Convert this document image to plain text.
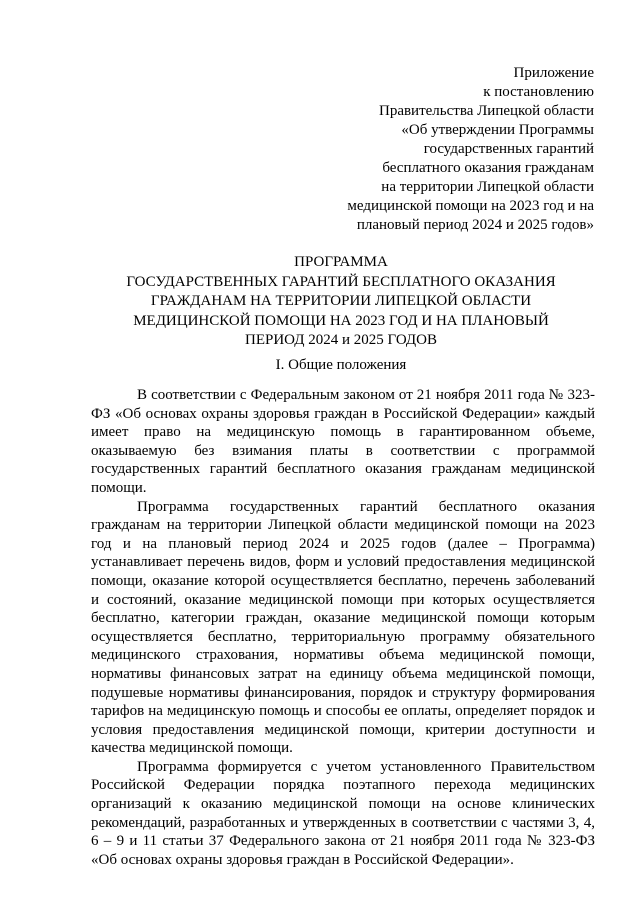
Приложение
к постановлению
Правительства Липецкой области
«Об утверждении Программы
государственных гарантий
бесплатного оказания гражданам
на территории Липецкой области
медицинской помощи на 2023 год и на
плановый период 2024 и 2025 годов»
ПРОГРАММА
ГОСУДАРСТВЕННЫХ ГАРАНТИЙ БЕСПЛАТНОГО ОКАЗАНИЯ
ГРАЖДАНАМ НА ТЕРРИТОРИИ ЛИПЕЦКОЙ ОБЛАСТИ
МЕДИЦИНСКОЙ ПОМОЩИ НА 2023 ГОД И НА ПЛАНОВЫЙ
ПЕРИОД 2024 и 2025 ГОДОВ
I. Общие положения

В соответствии с Федеральным законом от 21 ноября 2011 года № 323-ФЗ «Об основах охраны здоровья граждан в Российской Федерации» каждый имеет право на медицинскую помощь в гарантированном объеме, оказываемую без взимания платы в соответствии с программой государственных гарантий бесплатного оказания гражданам медицинской помощи.

Программа государственных гарантий бесплатного оказания гражданам на территории Липецкой области медицинской помощи на 2023 год и на плановый период 2024 и 2025 годов (далее – Программа) устанавливает перечень видов, форм и условий предоставления медицинской помощи, оказание которой осуществляется бесплатно, перечень заболеваний и состояний, оказание медицинской помощи при которых осуществляется бесплатно, категории граждан, оказание медицинской помощи которым осуществляется бесплатно, территориальную программу обязательного медицинского страхования, нормативы объема медицинской помощи, нормативы финансовых затрат на единицу объема медицинской помощи, подушевые нормативы финансирования, порядок и структуру формирования тарифов на медицинскую помощь и способы ее оплаты, определяет порядок и условия предоставления медицинской помощи, критерии доступности и качества медицинской помощи.

Программа формируется с учетом установленного Правительством Российской Федерации порядка поэтапного перехода медицинских организаций к оказанию медицинской помощи на основе клинических рекомендаций, разработанных и утвержденных в соответствии с частями 3, 4, 6 – 9 и 11 статьи 37 Федерального закона от 21 ноября 2011 года № 323-ФЗ «Об основах охраны здоровья граждан в Российской Федерации».
